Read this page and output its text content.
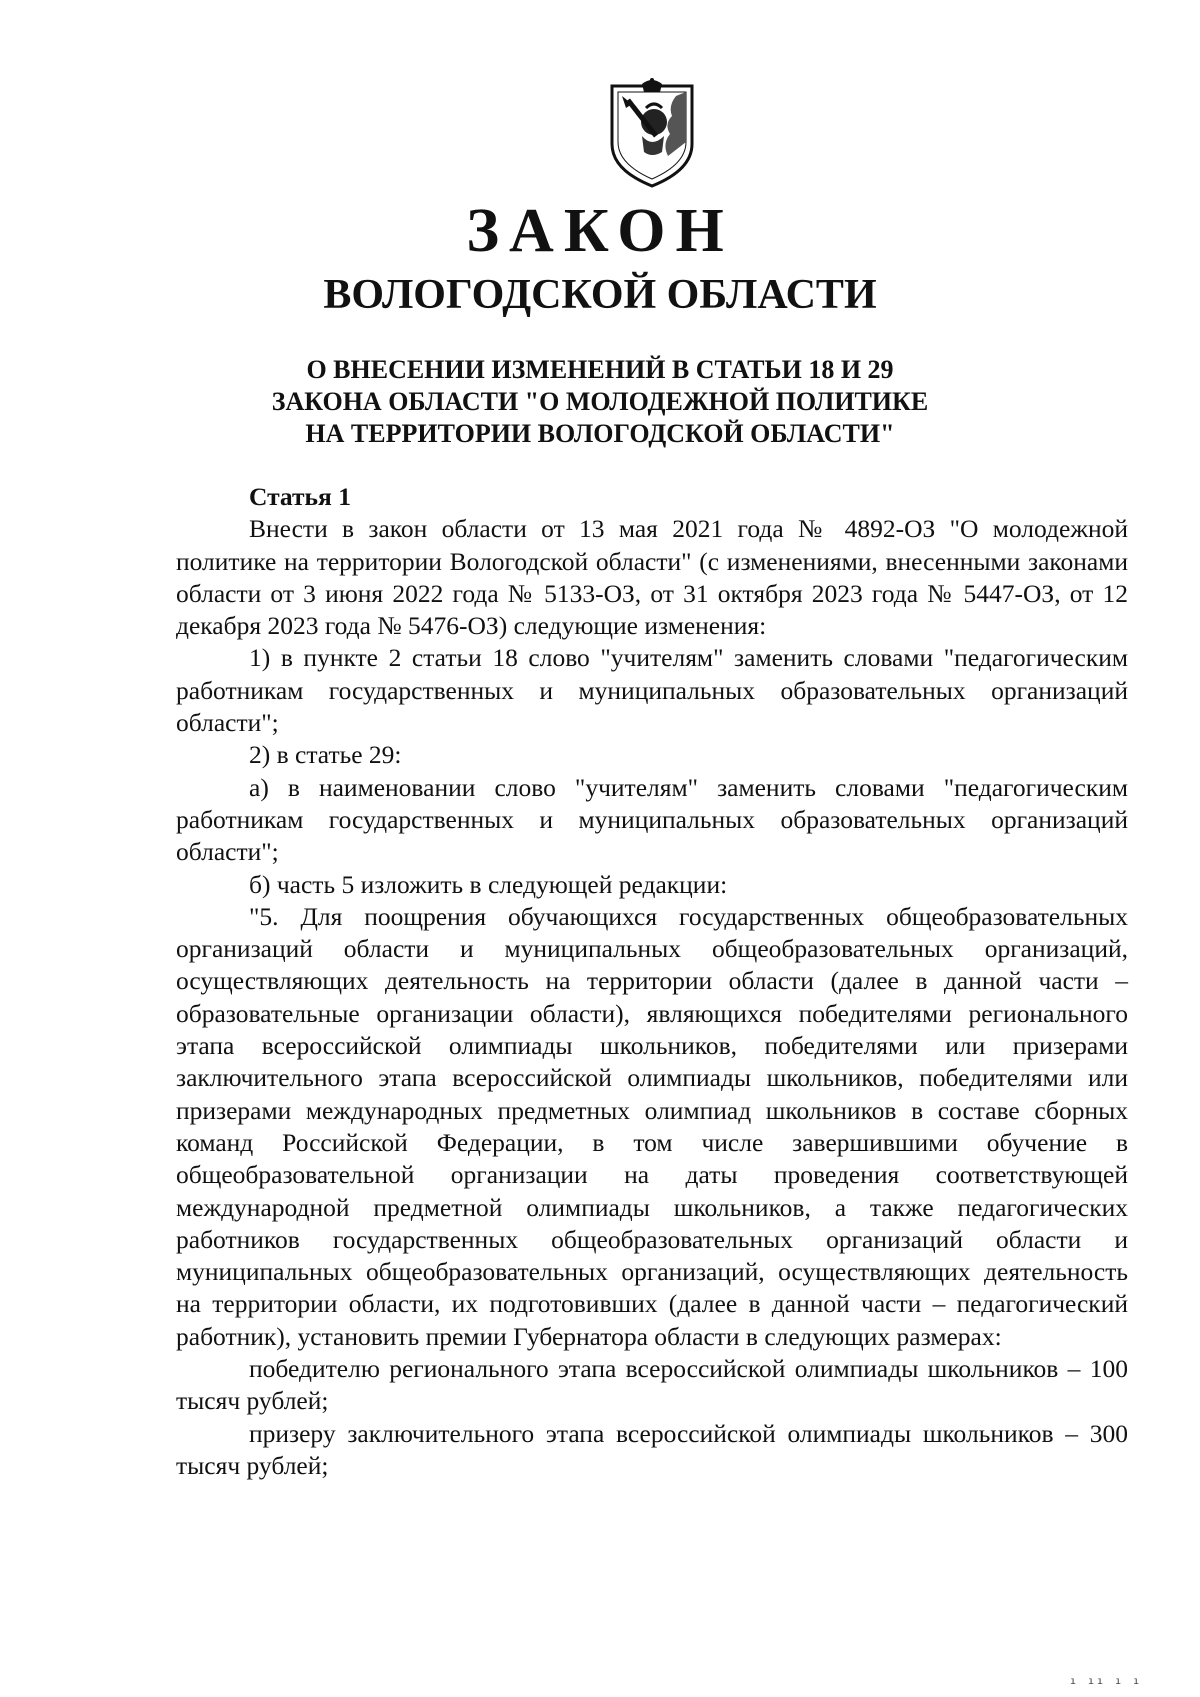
ЗАКОН
ВОЛОГОДСКОЙ ОБЛАСТИ
О ВНЕСЕНИИ ИЗМЕНЕНИЙ В СТАТЬИ 18 И 29
ЗАКОНА ОБЛАСТИ "О МОЛОДЕЖНОЙ ПОЛИТИКЕ
НА ТЕРРИТОРИИ ВОЛОГОДСКОЙ ОБЛАСТИ"
Статья 1
Внести в закон области от 13 мая 2021 года № 4892-ОЗ "О молодежной политике на территории Вологодской области" (с изменениями, внесенными законами области от 3 июня 2022 года № 5133-ОЗ, от 31 октября 2023 года № 5447-ОЗ, от 12 декабря 2023 года № 5476-ОЗ) следующие изменения:
1) в пункте 2 статьи 18 слово "учителям" заменить словами "педагогическим работникам государственных и муниципальных образовательных организаций области";
2) в статье 29:
а) в наименовании слово "учителям" заменить словами "педагогическим работникам государственных и муниципальных образовательных организаций области";
б) часть 5 изложить в следующей редакции:
"5. Для поощрения обучающихся государственных общеобразовательных организаций области и муниципальных общеобразовательных организаций, осуществляющих деятельность на территории области (далее в данной части – образовательные организации области), являющихся победителями регионального этапа всероссийской олимпиады школьников, победителями или призерами заключительного этапа всероссийской олимпиады школьников, победителями или призерами международных предметных олимпиад школьников в составе сборных команд Российской Федерации, в том числе завершившими обучение в общеобразовательной организации на даты проведения соответствующей международной предметной олимпиады школьников, а также педагогических работников государственных общеобразовательных организаций области и муниципальных общеобразовательных организаций, осуществляющих деятельность на территории области, их подготовивших (далее в данной части – педагогический работник), установить премии Губернатора области в следующих размерах:
победителю регионального этапа всероссийской олимпиады школьников – 100 тысяч рублей;
призеру заключительного этапа всероссийской олимпиады школьников – 300 тысяч рублей;
ı ıı ı ı
